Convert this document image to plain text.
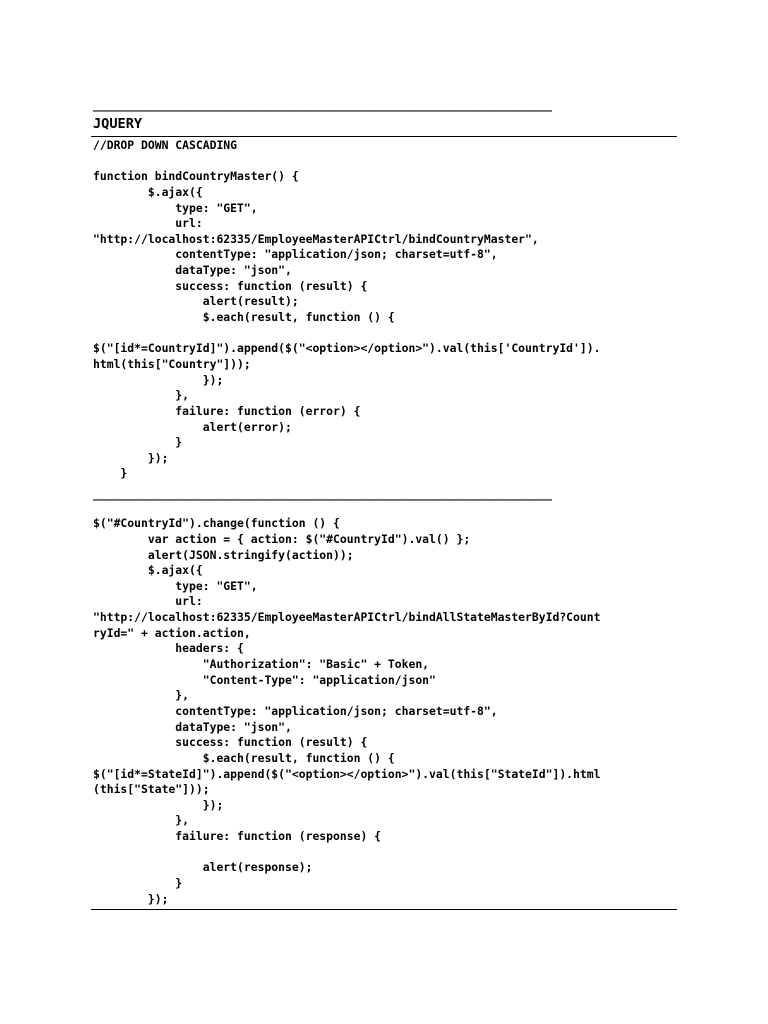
________________________________________________________________________________
JQUERY
//DROP DOWN CASCADING
function bindCountryMaster() {
$.ajax({
type: "GET",
url:
"http://localhost:62335/EmployeeMasterAPICtrl/bindCountryMaster",
contentType: "application/json; charset=utf-8",
dataType: "json",
success: function (result) {
alert(result);
$.each(result, function () {
$("[id*=CountryId]").append($("<option></option>").val(this['CountryId']).
html(this["Country"]));
});
},
failure: function (error) {
alert(error);
}
});
}
________________________________________________________________________________
$("#CountryId").change(function () {
var action = { action: $("#CountryId").val() };
alert(JSON.stringify(action));
$.ajax({
type: "GET",
url:
"http://localhost:62335/EmployeeMasterAPICtrl/bindAllStateMasterById?Count
ryId=" + action.action,
headers: {
"Authorization": "Basic" + Token,
"Content-Type": "application/json"
},
contentType: "application/json; charset=utf-8",
dataType: "json",
success: function (result) {
$.each(result, function () {
$("[id*=StateId]").append($("<option></option>").val(this["StateId"]).html
(this["State"]));
});
},
failure: function (response) {
alert(response);
}
});
